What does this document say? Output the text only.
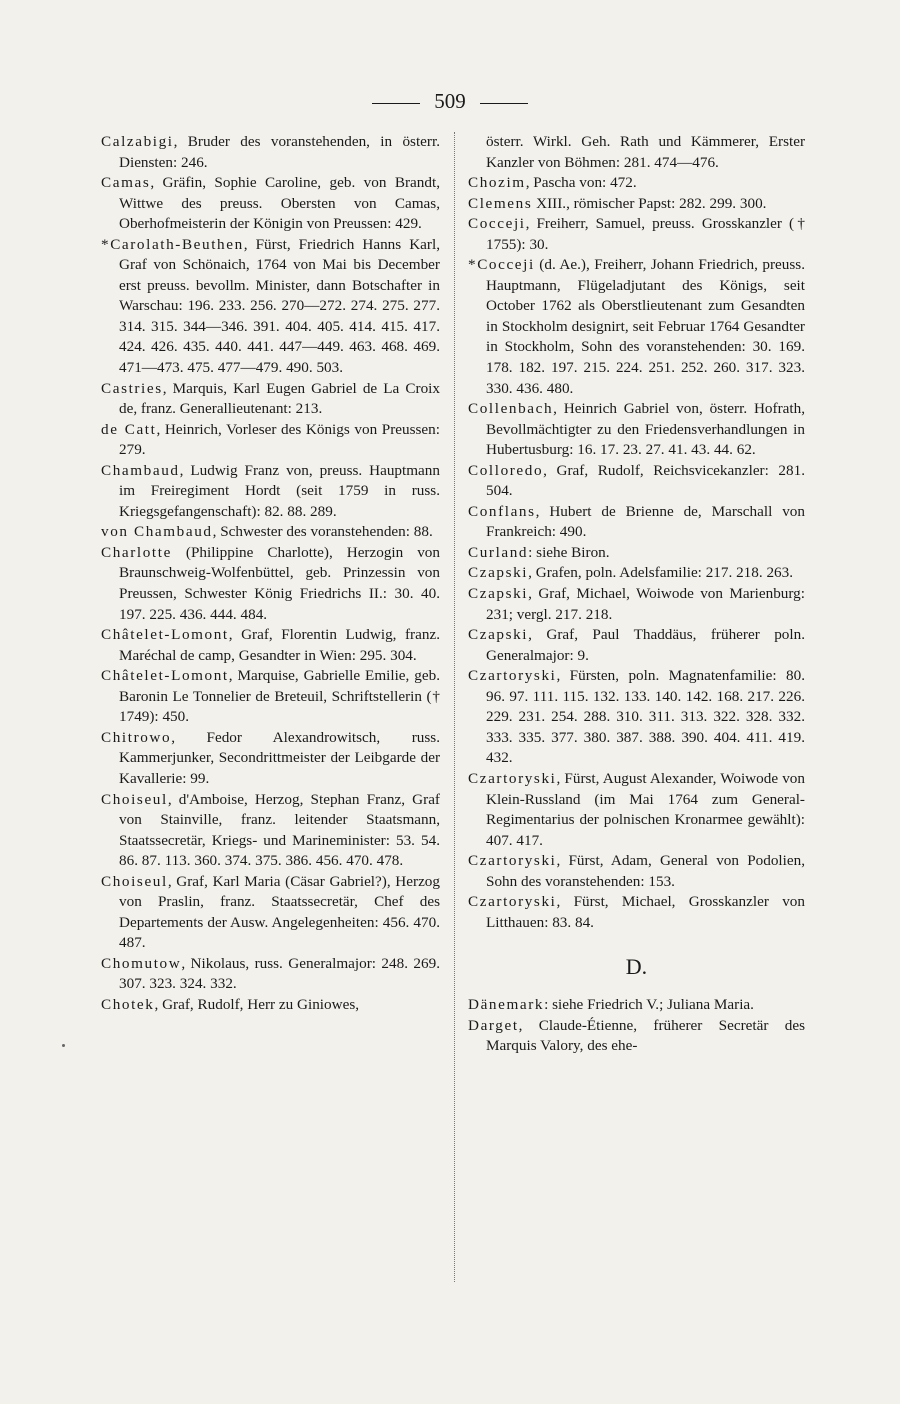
509

Calzabigi, Bruder des voranstehenden, in österr. Diensten: 246.

Camas, Gräfin, Sophie Caroline, geb. von Brandt, Wittwe des preuss. Obersten von Camas, Oberhofmeisterin der Königin von Preussen: 429.

*Carolath-Beuthen, Fürst, Friedrich Hanns Karl, Graf von Schönaich, 1764 von Mai bis December erst preuss. bevollm. Minister, dann Botschafter in Warschau: 196. 233. 256. 270—272. 274. 275. 277. 314. 315. 344—346. 391. 404. 405. 414. 415. 417. 424. 426. 435. 440. 441. 447—449. 463. 468. 469. 471—473. 475. 477—479. 490. 503.

Castries, Marquis, Karl Eugen Gabriel de La Croix de, franz. Generallieutenant: 213.

de Catt, Heinrich, Vorleser des Königs von Preussen: 279.

Chambaud, Ludwig Franz von, preuss. Hauptmann im Freiregiment Hordt (seit 1759 in russ. Kriegsgefangenschaft): 82. 88. 289.

von Chambaud, Schwester des voranstehenden: 88.

Charlotte (Philippine Charlotte), Herzogin von Braunschweig-Wolfenbüttel, geb. Prinzessin von Preussen, Schwester König Friedrichs II.: 30. 40. 197. 225. 436. 444. 484.

Châtelet-Lomont, Graf, Florentin Ludwig, franz. Maréchal de camp, Gesandter in Wien: 295. 304.

Châtelet-Lomont, Marquise, Gabrielle Emilie, geb. Baronin Le Tonnelier de Breteuil, Schriftstellerin († 1749): 450.

Chitrowo, Fedor Alexandrowitsch, russ. Kammerjunker, Secondrittmeister der Leibgarde der Kavallerie: 99.

Choiseul, d'Amboise, Herzog, Stephan Franz, Graf von Stainville, franz. leitender Staatsmann, Staatssecretär, Kriegs- und Marineminister: 53. 54. 86. 87. 113. 360. 374. 375. 386. 456. 470. 478.

Choiseul, Graf, Karl Maria (Cäsar Gabriel?), Herzog von Praslin, franz. Staatssecretär, Chef des Departements der Ausw. Angelegenheiten: 456. 470. 487.

Chomutow, Nikolaus, russ. Generalmajor: 248. 269. 307. 323. 324. 332.

Chotek, Graf, Rudolf, Herr zu Giniowes,

österr. Wirkl. Geh. Rath und Kämmerer, Erster Kanzler von Böhmen: 281. 474—476.

Chozim, Pascha von: 472.

Clemens XIII., römischer Papst: 282. 299. 300.

Cocceji, Freiherr, Samuel, preuss. Grosskanzler († 1755): 30.

*Cocceji (d. Ae.), Freiherr, Johann Friedrich, preuss. Hauptmann, Flügeladjutant des Königs, seit October 1762 als Oberstlieutenant zum Gesandten in Stockholm designirt, seit Februar 1764 Gesandter in Stockholm, Sohn des voranstehenden: 30. 169. 178. 182. 197. 215. 224. 251. 252. 260. 317. 323. 330. 436. 480.

Collenbach, Heinrich Gabriel von, österr. Hofrath, Bevollmächtigter zu den Friedensverhandlungen in Hubertusburg: 16. 17. 23. 27. 41. 43. 44. 62.

Colloredo, Graf, Rudolf, Reichsvicekanzler: 281. 504.

Conflans, Hubert de Brienne de, Marschall von Frankreich: 490.

Curland: siehe Biron.

Czapski, Grafen, poln. Adelsfamilie: 217. 218. 263.

Czapski, Graf, Michael, Woiwode von Marienburg: 231; vergl. 217. 218.

Czapski, Graf, Paul Thaddäus, früherer poln. Generalmajor: 9.

Czartoryski, Fürsten, poln. Magnatenfamilie: 80. 96. 97. 111. 115. 132. 133. 140. 142. 168. 217. 226. 229. 231. 254. 288. 310. 311. 313. 322. 328. 332. 333. 335. 377. 380. 387. 388. 390. 404. 411. 419. 432.

Czartoryski, Fürst, August Alexander, Woiwode von Klein-Russland (im Mai 1764 zum General-Regimentarius der polnischen Kronarmee gewählt): 407. 417.

Czartoryski, Fürst, Adam, General von Podolien, Sohn des voranstehenden: 153.

Czartoryski, Fürst, Michael, Grosskanzler von Litthauen: 83. 84.

D.

Dänemark: siehe Friedrich V.; Juliana Maria.

Darget, Claude-Étienne, früherer Secretär des Marquis Valory, des ehe-
